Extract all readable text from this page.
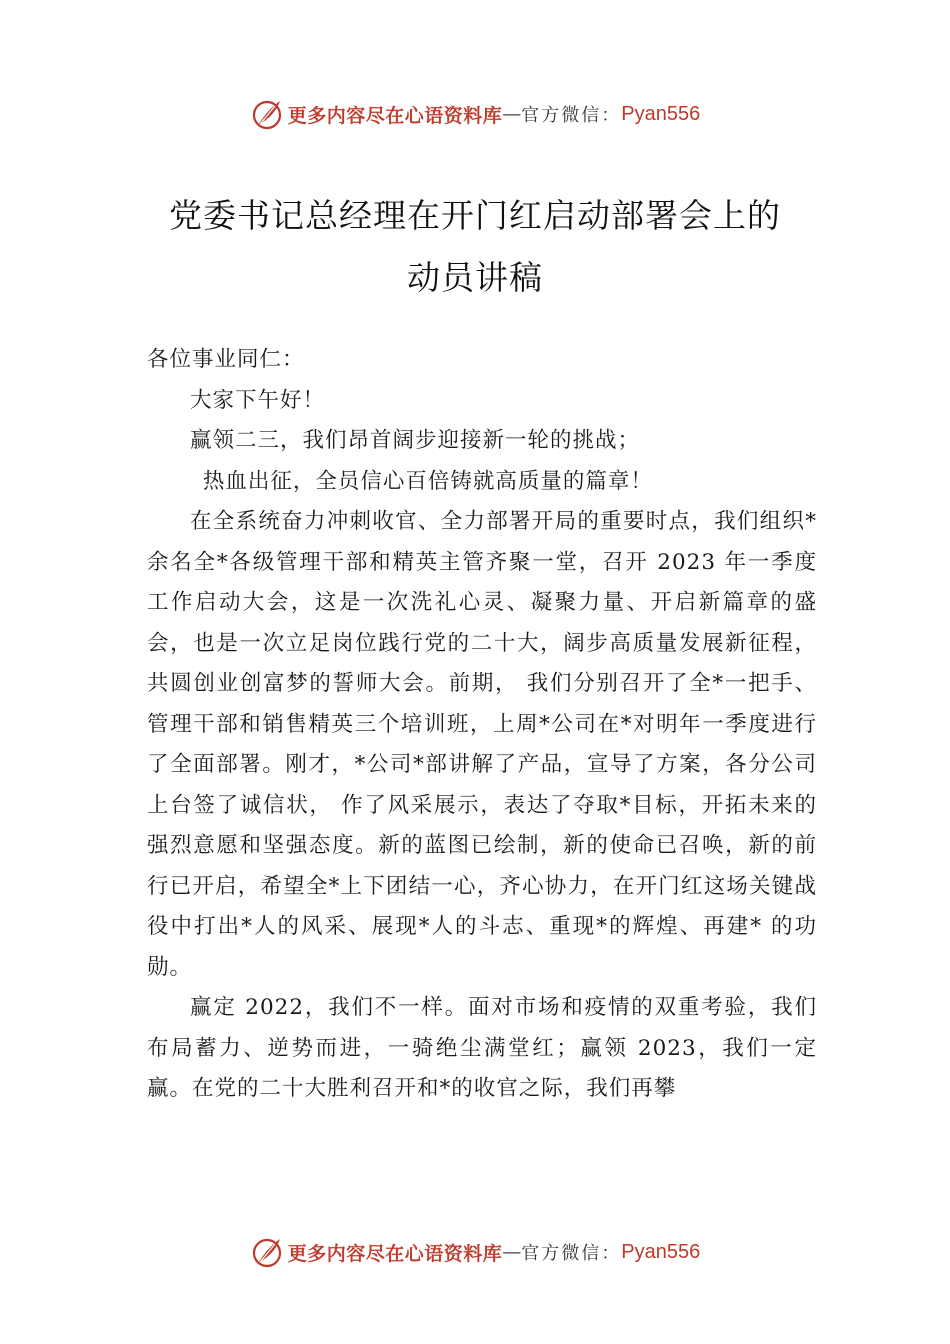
更多内容尽在心语资料库 — 官方微信： Pyan556
党委书记总经理在开门红启动部署会上的
动员讲稿

各位事业同仁：

大家下午好！

赢领二三，我们昂首阔步迎接新一轮的挑战；

热血出征，全员信心百倍铸就高质量的篇章！

在全系统奋力冲刺收官、全力部署开局的重要时点，我们组织*余名全*各级管理干部和精英主管齐聚一堂，召开 2023 年一季度工作启动大会，这是一次洗礼心灵、凝聚力量、开启新篇章的盛会，也是一次立足岗位践行党的二十大，阔步高质量发展新征程，共圆创业创富梦的誓师大会。前期， 我们分别召开了全*一把手、管理干部和销售精英三个培训班，上周*公司在*对明年一季度进行了全面部署。刚才，*公司*部讲解了产品，宣导了方案，各分公司上台签了诚信状， 作了风采展示，表达了夺取*目标，开拓未来的强烈意愿和坚强态度。新的蓝图已绘制，新的使命已召唤，新的前行已开启，希望全*上下团结一心，齐心协力，在开门红这场关键战役中打出*人的风采、展现*人的斗志、重现*的辉煌、再建* 的功勋。

赢定 2022，我们不一样。面对市场和疫情的双重考验，我们布局蓄力、逆势而进，一骑绝尘满堂红；赢领 2023，我们一定赢。在党的二十大胜利召开和*的收官之际，我们再攀

更多内容尽在心语资料库 — 官方微信： Pyan556
